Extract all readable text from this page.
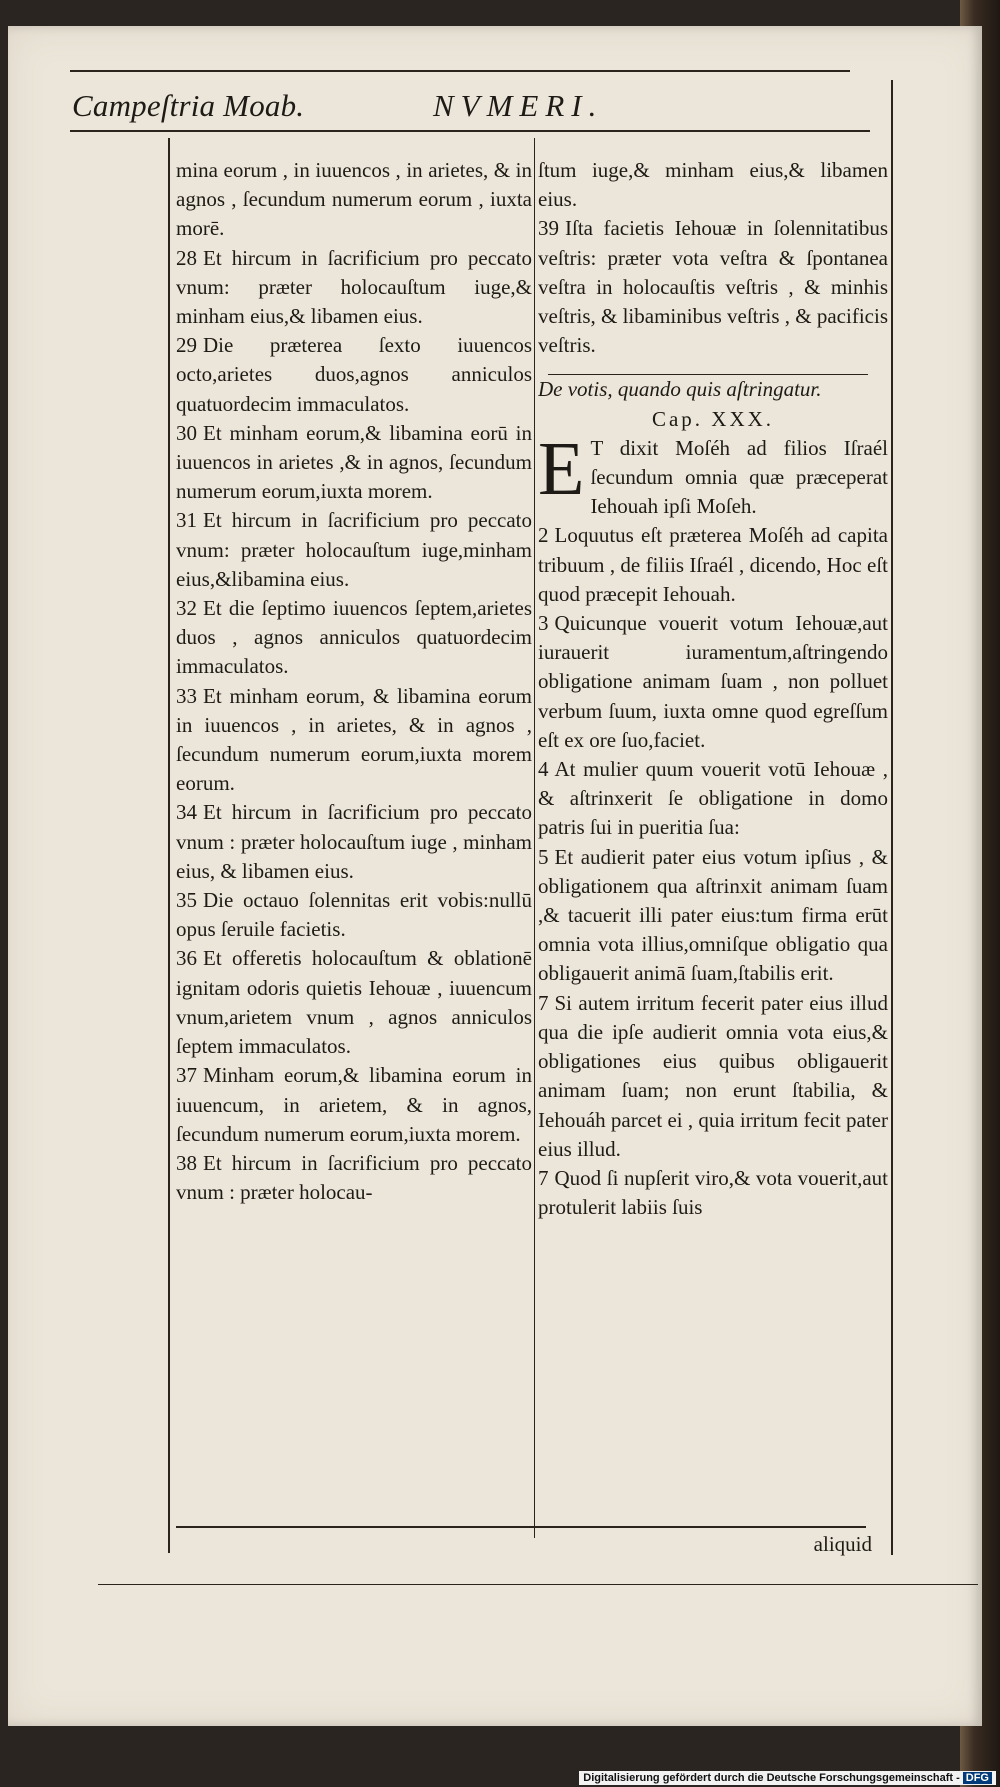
Campeſtria Moab.	NVMERI.

mina eorum , in iuuencos , in arietes, & in agnos , ſecundum numerum eorum , iuxta morē.

28 Et hircum in ſacrificium pro peccato vnum: præter holocauſtum iuge,& minham eius,& libamen eius.

29 Die præterea ſexto iuuencos octo,arietes duos,agnos anniculos quatuordecim immaculatos.

30 Et minham eorum,& libamina eorū in iuuencos in arietes ,& in agnos, ſecundum numerum eorum,iuxta morem.

31 Et hircum in ſacrificium pro peccato vnum: præter holocauſtum iuge,minham eius,&libamina eius.

32 Et die ſeptimo iuuencos ſeptem,arietes duos , agnos anniculos quatuordecim immaculatos.

33 Et minham eorum, & libamina eorum in iuuencos , in arietes, & in agnos , ſecundum numerum eorum,iuxta morem eorum.

34 Et hircum in ſacrificium pro peccato vnum : præter holocauſtum iuge , minham eius, & libamen eius.

35 Die octauo ſolennitas erit vobis:nullū opus ſeruile facietis.

36 Et offeretis holocauſtum & oblationē ignitam odoris quietis Iehouæ , iuuencum vnum,arietem vnum , agnos anniculos ſeptem immaculatos.

37 Minham eorum,& libamina eorum in iuuencum, in arietem, & in agnos, ſecundum numerum eorum,iuxta morem.

38 Et hircum in ſacrificium pro peccato vnum : præter holocau-

ſtum iuge,& minham eius,& libamen eius.

39 Iſta facietis Iehouæ in ſolennitatibus veſtris: præter vota veſtra & ſpontanea veſtra in holocauſtis veſtris , & minhis veſtris, & libaminibus veſtris , & pacificis veſtris.

De votis, quando quis aſtringatur.

Cap. XXX.

E T dixit Moſéh ad filios Iſraél ſecundum omnia quæ præceperat Iehouah ipſi Moſeh.

2 Loquutus eſt præterea Moſéh ad capita tribuum , de filiis Iſraél , dicendo, Hoc eſt quod præcepit Iehouah.

3 Quicunque vouerit votum Iehouæ,aut iurauerit iuramentum,aſtringendo obligatione animam ſuam , non polluet verbum ſuum, iuxta omne quod egreſſum eſt ex ore ſuo,faciet.

4 At mulier quum vouerit votū Iehouæ , & aſtrinxerit ſe obligatione in domo patris ſui in pueritia ſua:

5 Et audierit pater eius votum ipſius , & obligationem qua aſtrinxit animam ſuam ,& tacuerit illi pater eius:tum firma erūt omnia vota illius,omniſque obligatio qua obligauerit animā ſuam,ſtabilis erit.

7 Si autem irritum fecerit pater eius illud qua die ipſe audierit omnia vota eius,& obligationes eius quibus obligauerit animam ſuam; non erunt ſtabilia, & Iehouáh parcet ei , quia irritum fecit pater eius illud.

7 Quod ſi nupſerit viro,& vota vouerit,aut protulerit labiis ſuis

aliquid
Digitalisierung gefördert durch die Deutsche Forschungsgemeinschaft - DFG
